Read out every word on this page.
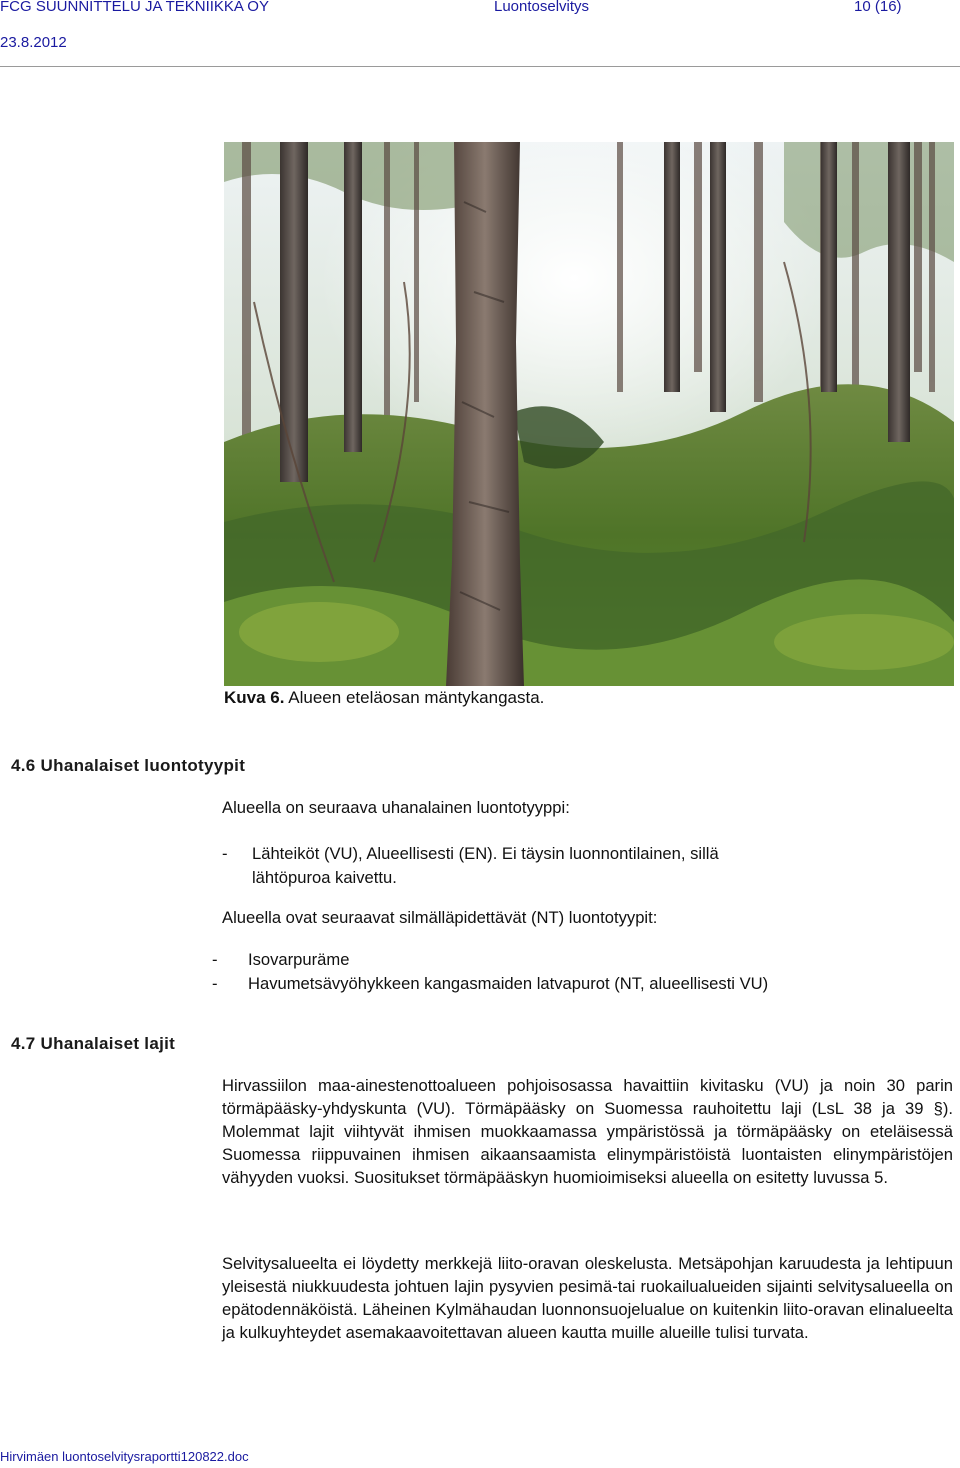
FCG SUUNNITTELU JA TEKNIIKKA OY	Luontoselvitys	10 (16)
23.8.2012
Kuva 6. Alueen eteläosan mäntykangasta.
4.6 Uhanalaiset luontotyypit
Alueella on seuraava uhanalainen luontotyyppi:
- Lähteiköt (VU), Alueellisesti (EN). Ei täysin luonnontilainen, sillä
lähtöpuroa kaivettu.
Alueella ovat seuraavat silmälläpidettävät (NT) luontotyypit:
- Isovarpuräme
- Havumetsävyöhykkeen kangasmaiden latvapurot (NT, alueellisesti VU)
4.7 Uhanalaiset lajit
Hirvassiilon maa-ainestenottoalueen pohjoisosassa havaittiin kivitasku (VU) ja noin 30 parin törmäpääsky-yhdyskunta (VU). Törmäpääsky on Suomessa rauhoitettu laji (LsL 38 ja 39 §). Molemmat lajit viihtyvät ihmisen muokkaamassa ympäristössä ja törmäpääsky on eteläisessä Suomessa riippuvainen ihmisen aikaansaamista elinympäristöistä luontaisten elinympäristöjen vähyyden vuoksi. Suositukset törmäpääskyn huomioimiseksi alueella on esitetty luvussa 5.
Selvitysalueelta ei löydetty merkkejä liito-oravan oleskelusta. Metsäpohjan karuudesta ja lehtipuun yleisestä niukkuudesta johtuen lajin pysyvien pesimä-tai ruokailualueiden sijainti selvitysalueella on epätodennäköistä. Läheinen Kylmähaudan luonnonsuojelualue on kuitenkin liito-oravan elinalueelta ja kulkuyhteydet asemakaavoitettavan alueen kautta muille alueille tulisi turvata.
Hirvimäen luontoselvitysraportti120822.doc
